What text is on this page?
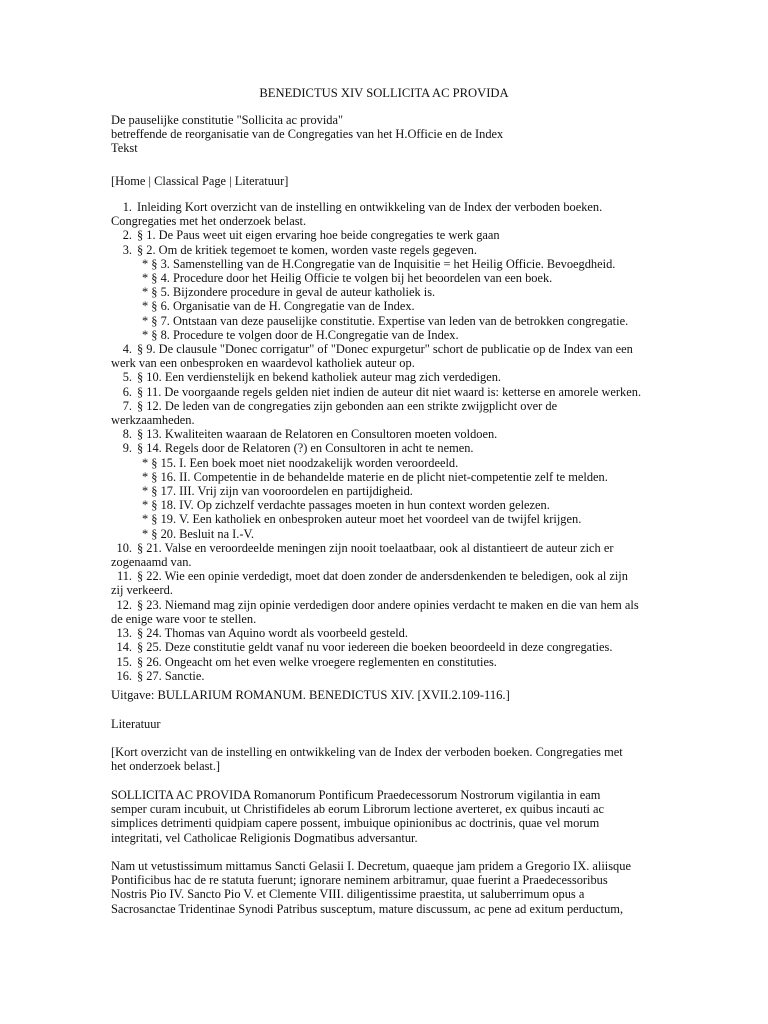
BENEDICTUS XIV SOLLICITA AC PROVIDA
De pauselijke constitutie "Sollicita ac provida"
betreffende de reorganisatie van de Congregaties van het H.Officie en de Index
Tekst
[Home | Classical Page | Literatuur]
1. Inleiding Kort overzicht van de instelling en ontwikkeling van de Index der verboden boeken.
Congregaties met het onderzoek belast.
2. § 1. De Paus weet uit eigen ervaring hoe beide congregaties te werk gaan
3. § 2. Om de kritiek tegemoet te komen, worden vaste regels gegeven.
* § 3. Samenstelling van de H.Congregatie van de Inquisitie = het Heilig Officie. Bevoegdheid.
* § 4. Procedure door het Heilig Officie te volgen bij het beoordelen van een boek.
* § 5. Bijzondere procedure in geval de auteur katholiek is.
* § 6. Organisatie van de H. Congregatie van de Index.
* § 7. Ontstaan van deze pauselijke constitutie. Expertise van leden van de betrokken congregatie.
* § 8. Procedure te volgen door de H.Congregatie van de Index.
4. § 9. De clausule "Donec corrigatur" of "Donec expurgetur" schort de publicatie op de Index van een
werk van een onbesproken en waardevol katholiek auteur op.
5. § 10. Een verdienstelijk en bekend katholiek auteur mag zich verdedigen.
6. § 11. De voorgaande regels gelden niet indien de auteur dit niet waard is: ketterse en amorele werken.
7. § 12. De leden van de congregaties zijn gebonden aan een strikte zwijgplicht over de
werkzaamheden.
8. § 13. Kwaliteiten waaraan de Relatoren en Consultoren moeten voldoen.
9. § 14. Regels door de Relatoren (?) en Consultoren in acht te nemen.
* § 15. I. Een boek moet niet noodzakelijk worden veroordeeld.
* § 16. II. Competentie in de behandelde materie en de plicht niet-competentie zelf te melden.
* § 17. III. Vrij zijn van vooroordelen en partijdigheid.
* § 18. IV. Op zichzelf verdachte passages moeten in hun context worden gelezen.
* § 19. V. Een katholiek en onbesproken auteur moet het voordeel van de twijfel krijgen.
* § 20. Besluit na I.-V.
10. § 21. Valse en veroordeelde meningen zijn nooit toelaatbaar, ook al distantieert de auteur zich er
zogenaamd van.
11. § 22. Wie een opinie verdedigt, moet dat doen zonder de andersdenkenden te beledigen, ook al zijn
zij verkeerd.
12. § 23. Niemand mag zijn opinie verdedigen door andere opinies verdacht te maken en die van hem als
de enige ware voor te stellen.
13. § 24. Thomas van Aquino wordt als voorbeeld gesteld.
14. § 25. Deze constitutie geldt vanaf nu voor iedereen die boeken beoordeeld in deze congregaties.
15. § 26. Ongeacht om het even welke vroegere reglementen en constituties.
16. § 27. Sanctie.
Uitgave: BULLARIUM ROMANUM. BENEDICTUS XIV. [XVII.2.109-116.]
Literatuur
[Kort overzicht van de instelling en ontwikkeling van de Index der verboden boeken. Congregaties met
het onderzoek belast.]
SOLLICITA AC PROVIDA Romanorum Pontificum Praedecessorum Nostrorum vigilantia in eam
semper curam incubuit, ut Christifideles ab eorum Librorum lectione averteret, ex quibus incauti ac
simplices detrimenti quidpiam capere possent, imbuique opinionibus ac doctrinis, quae vel morum
integritati, vel Catholicae Religionis Dogmatibus adversantur.
Nam ut vetustissimum mittamus Sancti Gelasii I. Decretum, quaeque jam pridem a Gregorio IX. aliisque
Pontificibus hac de re statuta fuerunt; ignorare neminem arbitramur, quae fuerint a Praedecessoribus
Nostris Pio IV. Sancto Pio V. et Clemente VIII. diligentissime praestita, ut saluberrimum opus a
Sacrosanctae Tridentinae Synodi Patribus susceptum, mature discussum, ac pene ad exitum perductum,
